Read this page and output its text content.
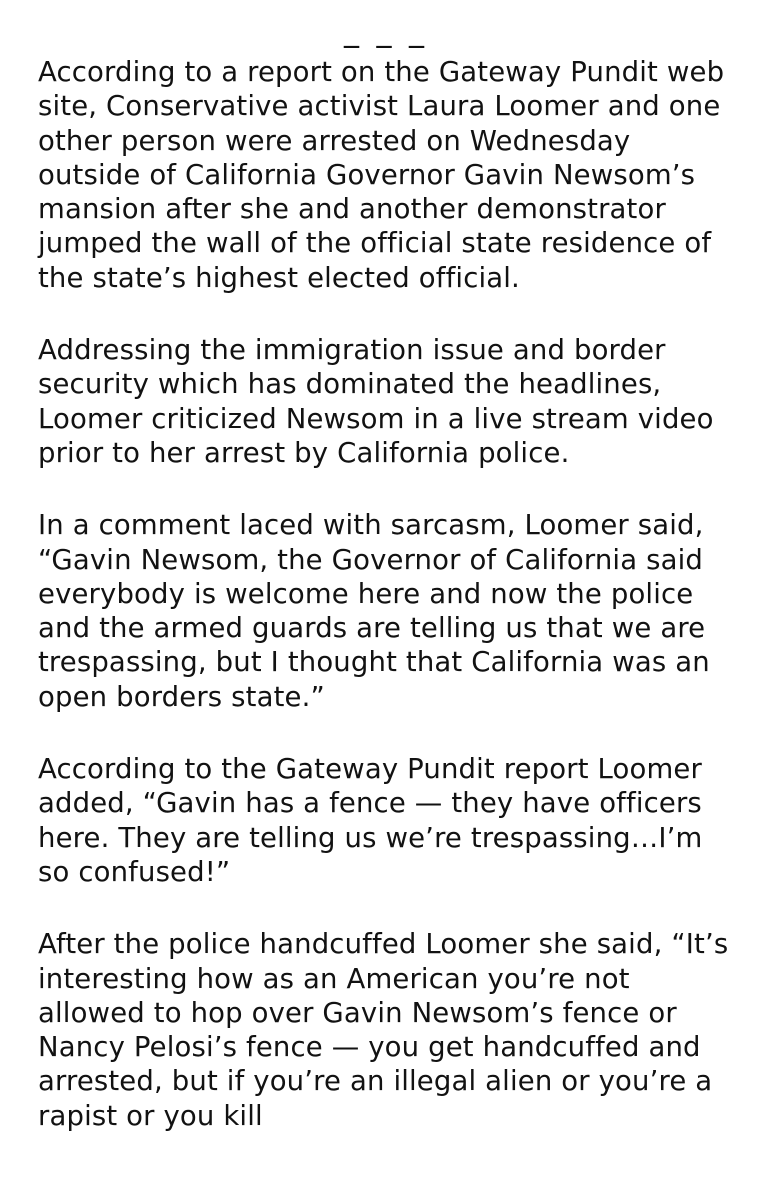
_ _ _

According to a report on the Gateway Pundit web site, Conservative activist Laura Loomer and one other person were arrested on Wednesday outside of California Governor Gavin Newsom’s mansion after she and another demonstrator jumped the wall of the official state residence of the state’s highest elected official.

Addressing the immigration issue and border security which has dominated the headlines, Loomer criticized Newsom in a live stream video prior to her arrest by California police.

In a comment laced with sarcasm, Loomer said, “Gavin Newsom, the Governor of California said everybody is welcome here and now the police and the armed guards are telling us that we are trespassing, but I thought that California was an open borders state.”

According to the Gateway Pundit report Loomer added, “Gavin has a fence — they have officers here. They are telling us we’re trespassing…I’m so confused!”

After the police handcuffed Loomer she said, “It’s interesting how as an American you’re not allowed to hop over Gavin Newsom’s fence or Nancy Pelosi’s fence — you get handcuffed and arrested, but if you’re an illegal alien or you’re a rapist or you kill
